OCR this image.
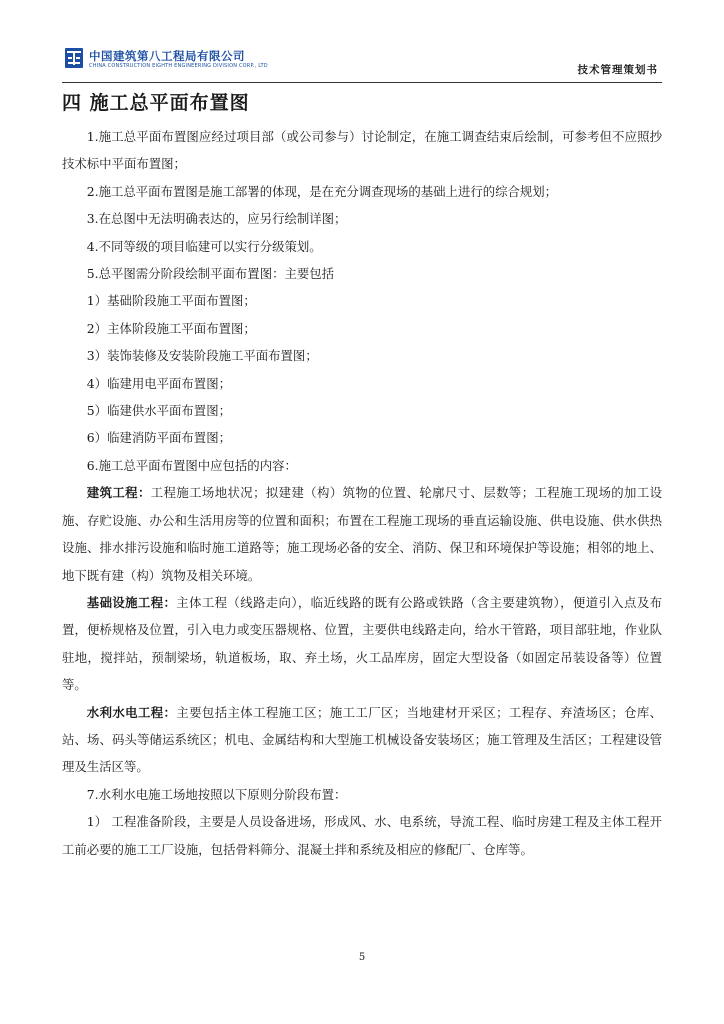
中国建筑第八工程局有限公司
CHINA CONSTRUCTION EIGHTH ENGINEERING DIVISION CORP., LTD	技术管理策划书
四 施工总平面布置图

1.施工总平面布置图应经过项目部（或公司参与）讨论制定，在施工调查结束后绘制，可参考但不应照抄技术标中平面布置图；

2.施工总平面布置图是施工部署的体现，是在充分调查现场的基础上进行的综合规划；

3.在总图中无法明确表达的，应另行绘制详图；

4.不同等级的项目临建可以实行分级策划。

5.总平图需分阶段绘制平面布置图：主要包括

1）基础阶段施工平面布置图；

2）主体阶段施工平面布置图；

3）装饰装修及安装阶段施工平面布置图；

4）临建用电平面布置图；

5）临建供水平面布置图；

6）临建消防平面布置图；

6.施工总平面布置图中应包括的内容：

建筑工程：工程施工场地状况；拟建建（构）筑物的位置、轮廓尺寸、层数等；工程施工现场的加工设施、存贮设施、办公和生活用房等的位置和面积；布置在工程施工现场的垂直运输设施、供电设施、供水供热设施、排水排污设施和临时施工道路等；施工现场必备的安全、消防、保卫和环境保护等设施；相邻的地上、地下既有建（构）筑物及相关环境。

基础设施工程：主体工程（线路走向），临近线路的既有公路或铁路（含主要建筑物），便道引入点及布置，便桥规格及位置，引入电力或变压器规格、位置，主要供电线路走向，给水干管路，项目部驻地，作业队驻地，搅拌站，预制梁场，轨道板场，取、弃土场，火工品库房，固定大型设备（如固定吊装设备等）位置等。

水利水电工程：主要包括主体工程施工区；施工工厂区；当地建材开采区；工程存、弃渣场区；仓库、站、场、码头等储运系统区；机电、金属结构和大型施工机械设备安装场区；施工管理及生活区；工程建设管理及生活区等。

7.水利水电施工场地按照以下原则分阶段布置：

1） 工程准备阶段，主要是人员设备进场，形成风、水、电系统，导流工程、临时房建工程及主体工程开工前必要的施工工厂设施，包括骨料筛分、混凝土拌和系统及相应的修配厂、仓库等。

5
